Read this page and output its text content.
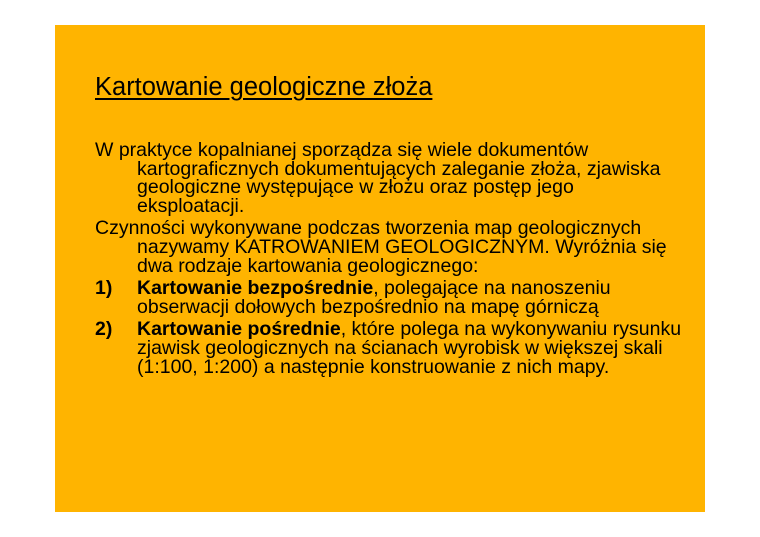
Kartowanie geologiczne złoża

W praktyce kopalnianej sporządza się wiele dokumentów kartograficznych dokumentujących zaleganie złoża, zjawiska geologiczne występujące w złożu oraz postęp jego eksploatacji.

Czynności wykonywane podczas tworzenia map geologicznych nazywamy KATROWANIEM GEOLOGICZNYM. Wyróżnia się dwa rodzaje kartowania geologicznego:

1)	Kartowanie bezpośrednie, polegające na nanoszeniu obserwacji dołowych bezpośrednio na mapę górniczą
2)	Kartowanie pośrednie, które polega na wykonywaniu rysunku zjawisk geologicznych na ścianach wyrobisk w większej skali (1:100, 1:200) a następnie konstruowanie z nich mapy.
